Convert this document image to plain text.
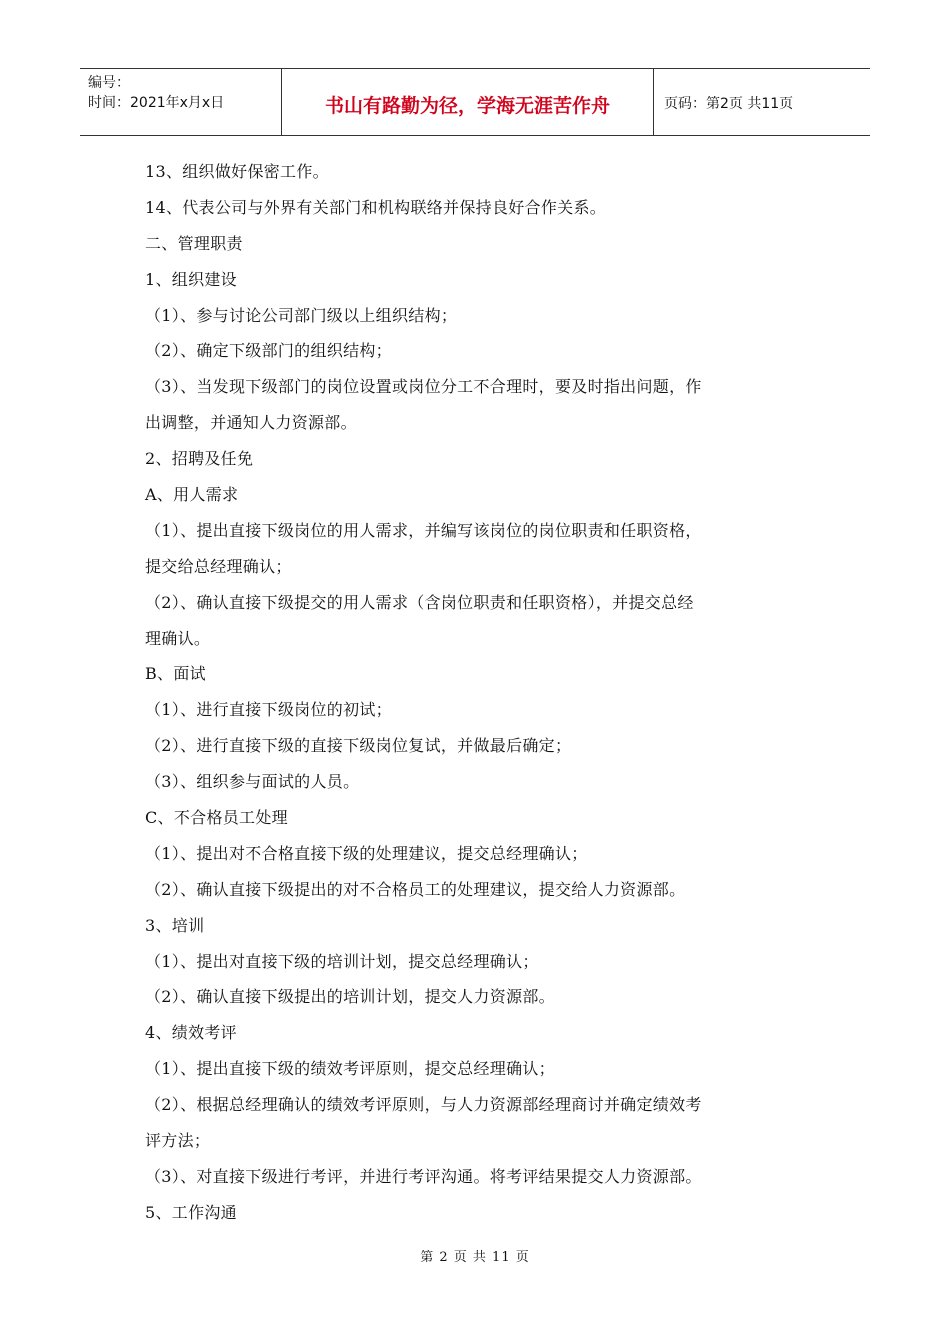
编号：
时间：2021年x月x日	书山有路勤为径，学海无涯苦作舟	页码：第2页 共11页
13、组织做好保密工作。
14、代表公司与外界有关部门和机构联络并保持良好合作关系。
二、管理职责
1、组织建设
（1）、参与讨论公司部门级以上组织结构；
（2）、确定下级部门的组织结构；
（3）、当发现下级部门的岗位设置或岗位分工不合理时，要及时指出问题，作
出调整，并通知人力资源部。
2、招聘及任免
A、用人需求
（1）、提出直接下级岗位的用人需求，并编写该岗位的岗位职责和任职资格，
提交给总经理确认；
（2）、确认直接下级提交的用人需求（含岗位职责和任职资格），并提交总经
理确认。
B、面试
（1）、进行直接下级岗位的初试；
（2）、进行直接下级的直接下级岗位复试，并做最后确定；
（3）、组织参与面试的人员。
C、不合格员工处理
（1）、提出对不合格直接下级的处理建议，提交总经理确认；
（2）、确认直接下级提出的对不合格员工的处理建议，提交给人力资源部。
3、培训
（1）、提出对直接下级的培训计划，提交总经理确认；
（2）、确认直接下级提出的培训计划，提交人力资源部。
4、绩效考评
（1）、提出直接下级的绩效考评原则，提交总经理确认；
（2）、根据总经理确认的绩效考评原则，与人力资源部经理商讨并确定绩效考
评方法；
（3）、对直接下级进行考评，并进行考评沟通。将考评结果提交人力资源部。
5、工作沟通
第 2 页 共 11 页
